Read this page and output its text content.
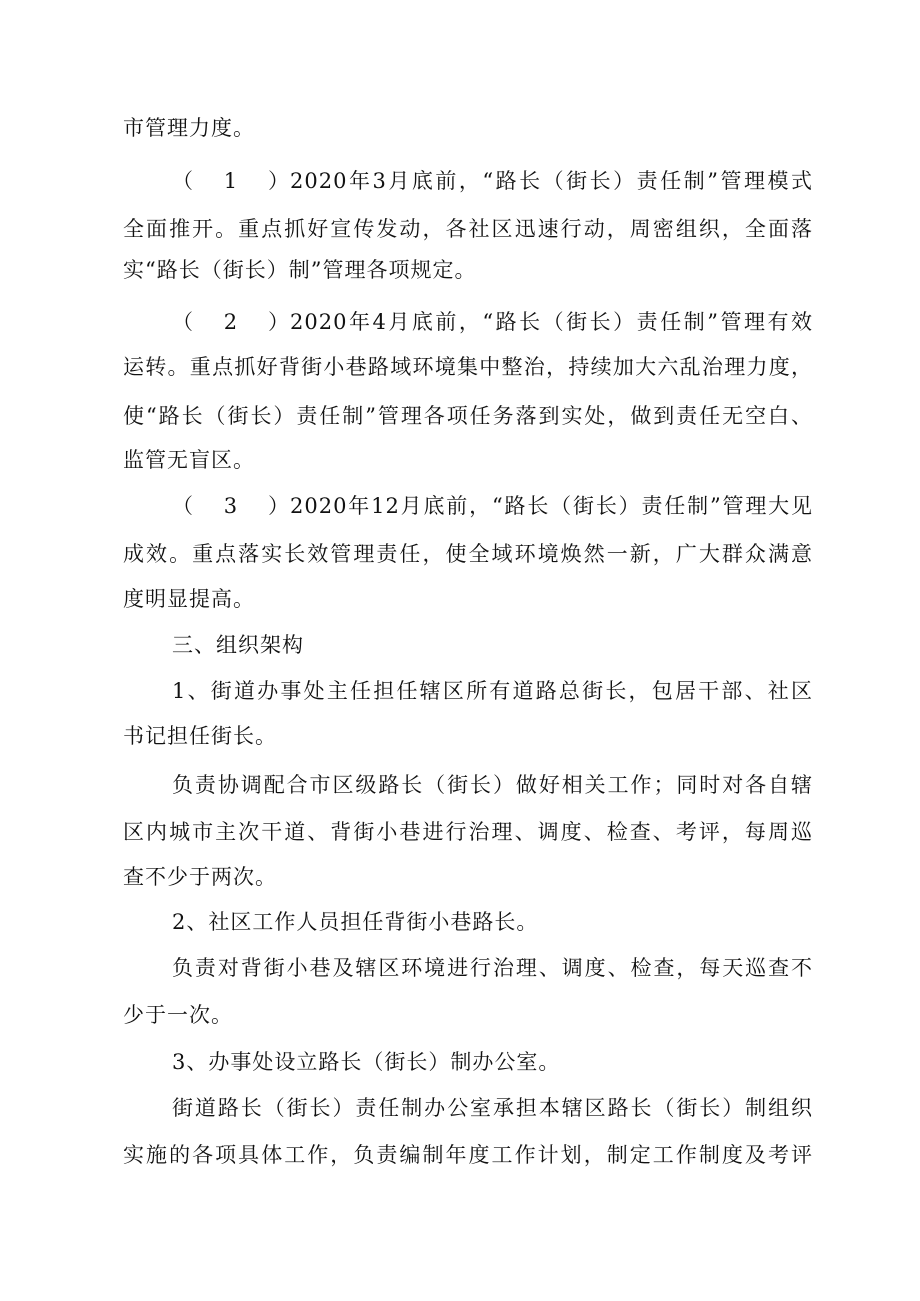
市管理力度。
（1）2020年3月底前，“路长（街长）责任制”管理模式
全面推开。重点抓好宣传发动，各社区迅速行动，周密组织，全面落
实“路长（街长）制”管理各项规定。
（2）2020年4月底前，“路长（街长）责任制”管理有效
运转。重点抓好背街小巷路域环境集中整治，持续加大六乱治理力度，
使“路长（街长）责任制”管理各项任务落到实处，做到责任无空白、
监管无盲区。
（3）2020年12月底前，“路长（街长）责任制”管理大见
成效。重点落实长效管理责任，使全域环境焕然一新，广大群众满意
度明显提高。
三、组织架构
1、街道办事处主任担任辖区所有道路总街长，包居干部、社区
书记担任街长。
负责协调配合市区级路长（街长）做好相关工作；同时对各自辖
区内城市主次干道、背街小巷进行治理、调度、检查、考评，每周巡
查不少于两次。
2、社区工作人员担任背街小巷路长。
负责对背街小巷及辖区环境进行治理、调度、检查，每天巡查不
少于一次。
3、办事处设立路长（街长）制办公室。
街道路长（街长）责任制办公室承担本辖区路长（街长）制组织
实施的各项具体工作，负责编制年度工作计划，制定工作制度及考评
